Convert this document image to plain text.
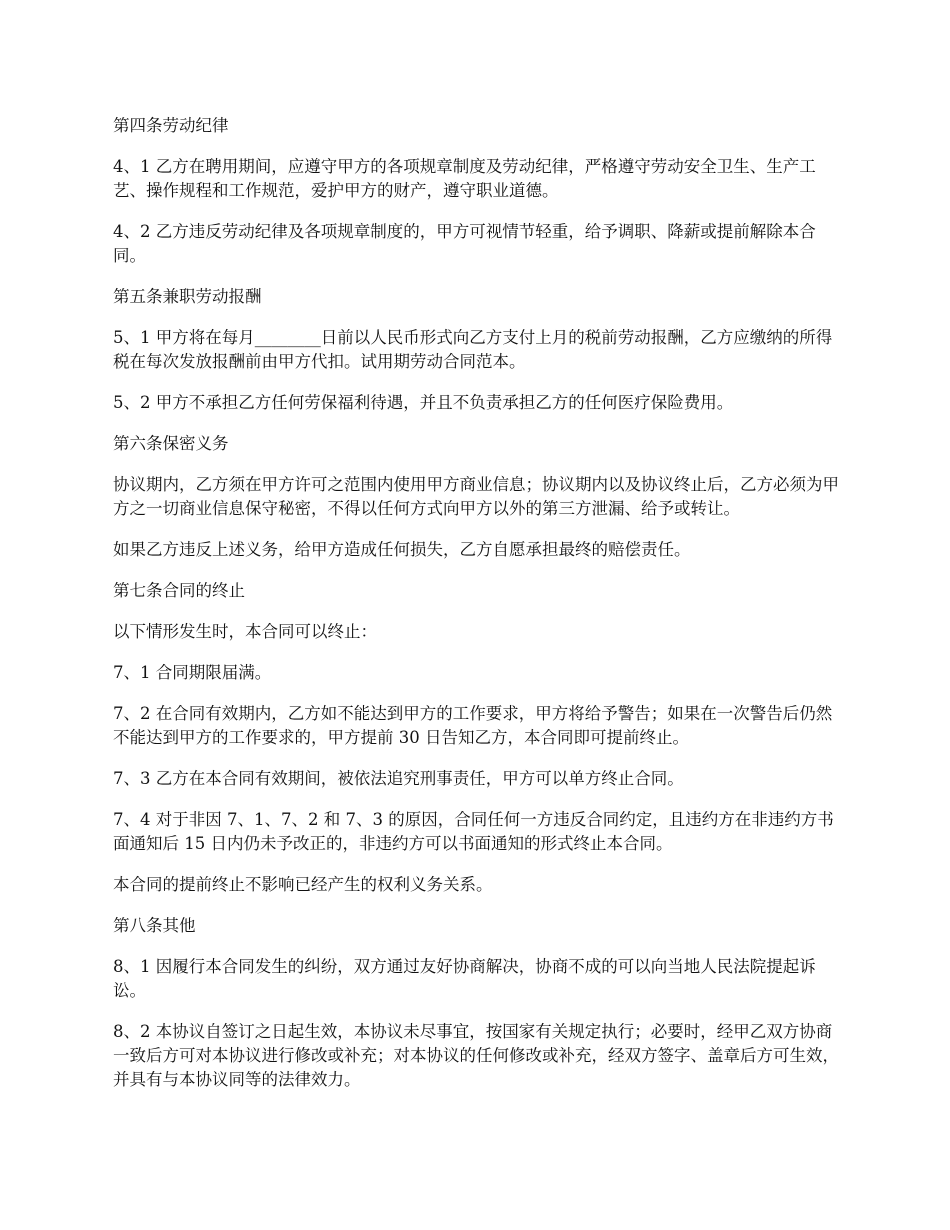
第四条劳动纪律

4、1 乙方在聘用期间，应遵守甲方的各项规章制度及劳动纪律，严格遵守劳动安全卫生、生产工艺、操作规程和工作规范，爱护甲方的财产，遵守职业道德。

4、2 乙方违反劳动纪律及各项规章制度的，甲方可视情节轻重，给予调职、降薪或提前解除本合同。

第五条兼职劳动报酬

5、1 甲方将在每月________日前以人民币形式向乙方支付上月的税前劳动报酬，乙方应缴纳的所得税在每次发放报酬前由甲方代扣。试用期劳动合同范本。

5、2 甲方不承担乙方任何劳保福利待遇，并且不负责承担乙方的任何医疗保险费用。

第六条保密义务

协议期内，乙方须在甲方许可之范围内使用甲方商业信息；协议期内以及协议终止后，乙方必须为甲方之一切商业信息保守秘密，不得以任何方式向甲方以外的第三方泄漏、给予或转让。

如果乙方违反上述义务，给甲方造成任何损失，乙方自愿承担最终的赔偿责任。

第七条合同的终止

以下情形发生时，本合同可以终止：

7、1 合同期限届满。

7、2 在合同有效期内，乙方如不能达到甲方的工作要求，甲方将给予警告；如果在一次警告后仍然不能达到甲方的工作要求的，甲方提前 30 日告知乙方，本合同即可提前终止。

7、3 乙方在本合同有效期间，被依法追究刑事责任，甲方可以单方终止合同。

7、4 对于非因 7、1、7、2 和 7、3 的原因，合同任何一方违反合同约定，且违约方在非违约方书面通知后 15 日内仍未予改正的，非违约方可以书面通知的形式终止本合同。

本合同的提前终止不影响已经产生的权利义务关系。

第八条其他

8、1 因履行本合同发生的纠纷，双方通过友好协商解决，协商不成的可以向当地人民法院提起诉讼。

8、2 本协议自签订之日起生效，本协议未尽事宜，按国家有关规定执行；必要时，经甲乙双方协商一致后方可对本协议进行修改或补充；对本协议的任何修改或补充，经双方签字、盖章后方可生效，并具有与本协议同等的法律效力。
